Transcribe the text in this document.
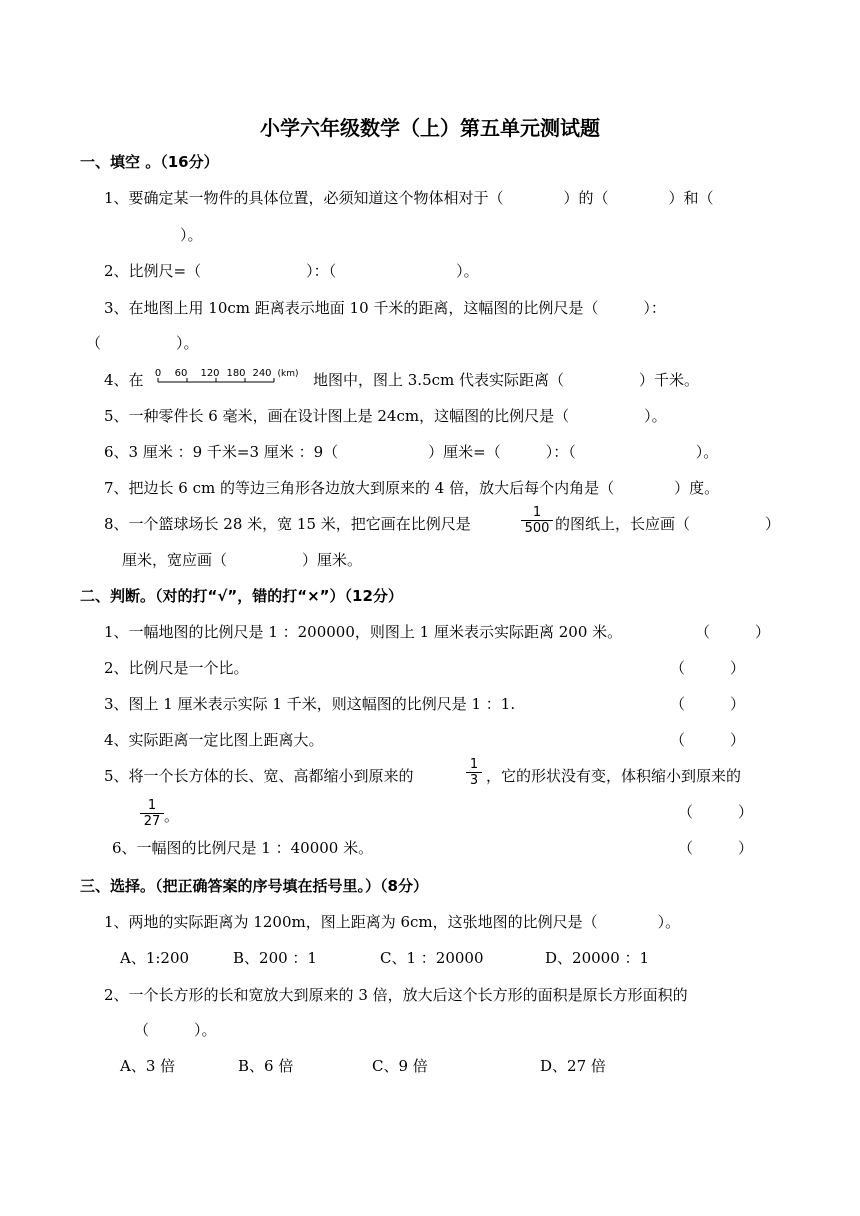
小学六年级数学（上）第五单元测试题
一、填空 。（16分）
1、要确定某一物件的具体位置，必须知道这个物体相对于（　　　　）的（　　　　）和（
）。
2、比例尺=（　　　　　　　）：（　　　　　　　　）。
3、在地图上用 10cm 距离表示地面 10 千米的距离，这幅图的比例尺是（　　　）：
（　　　　　）。
4、在 0 60 120 180 240 (km) 地图中，图上 3.5cm 代表实际距离（　　　　　）千米。
5、一种零件长 6 毫米，画在设计图上是 24cm，这幅图的比例尺是（　　　　　）。
6、3 厘米 ：9 千米=3 厘米 ：9（　　　　　　）厘米=（　　　）：（　　　　　　　　）。
7、把边长 6 cm 的等边三角形各边放大到原来的 4 倍，放大后每个内角是（　　　　）度。
8、一个篮球场长 28 米，宽 15 米，把它画在比例尺是
1
500 的图纸上，长应画（　　　　　）
厘米，宽应画（　　　　　）厘米。
二、判断。（对的打“√”，错的打“×”）（12分）
1、一幅地图的比例尺是 1 ：200000，则图上 1 厘米表示实际距离 200 米。	（　　　）
2、比例尺是一个比。	（　　　）
3、图上 1 厘米表示实际 1 千米，则这幅图的比例尺是 1 ：1.	（　　　）
4、实际距离一定比图上距离大。	（　　　）
5、将一个长方体的长、宽、高都缩小到原来的
1
3 ，它的形状没有变，体积缩小到原来的
1
27 。	（　　　）
6、一幅图的比例尺是 1 ：40000 米。	（　　　）
三、选择。（把正确答案的序号填在括号里。）（8分）
1、两地的实际距离为 1200m，图上距离为 6cm，这张地图的比例尺是（　　　　）。
A、1:200	B、200 ：1	C、1 ：20000	D、20000 ：1
2、一个长方形的长和宽放大到原来的 3 倍，放大后这个长方形的面积是原长方形面积的
（　　　）。
A、3 倍	B、6 倍	C、9 倍	D、27 倍
